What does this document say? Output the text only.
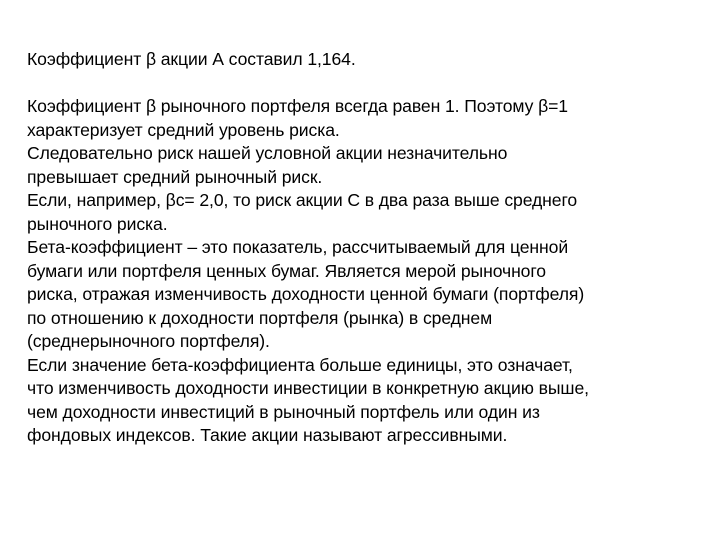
Коэффициент β акции А составил 1,164.

Коэффициент β рыночного портфеля всегда равен 1. Поэтому β=1

характеризует средний уровень риска.

Следовательно риск нашей условной акции незначительно

превышает средний рыночный риск.

Если, например, βс= 2,0, то риск акции С в два раза выше среднего

рыночного риска.

Бета-коэффициент – это показатель, рассчитываемый для ценной

бумаги или портфеля ценных бумаг. Является мерой рыночного

риска, отражая изменчивость доходности ценной бумаги (портфеля)

по отношению к доходности портфеля (рынка) в среднем

(среднерыночного портфеля).

Если значение бета-коэффициента больше единицы, это означает,

что изменчивость доходности инвестиции в конкретную акцию выше,

чем доходности инвестиций в рыночный портфель или один из

фондовых индексов. Такие акции называют агрессивными.
